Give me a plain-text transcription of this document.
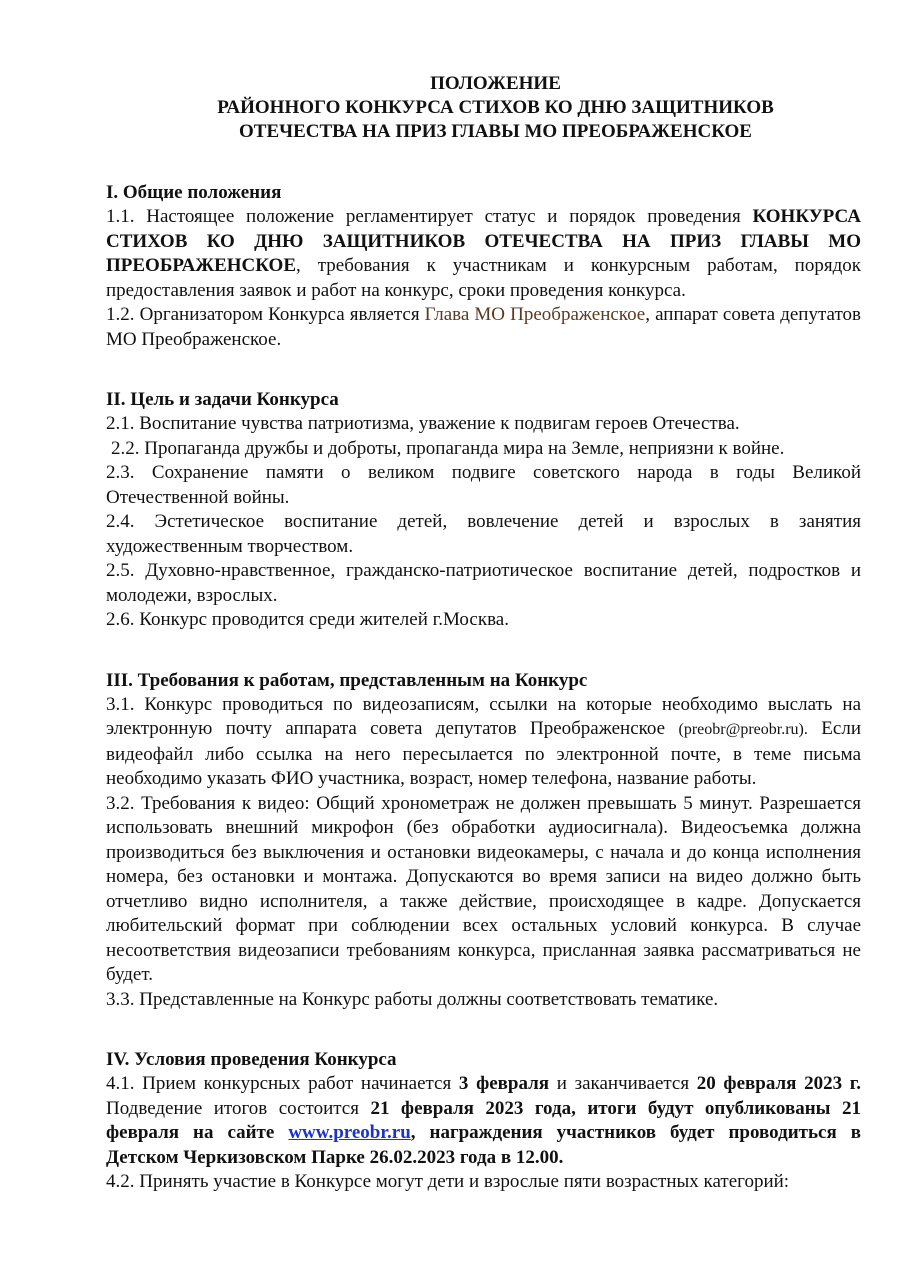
ПОЛОЖЕНИЕ
РАЙОННОГО КОНКУРСА СТИХОВ КО ДНЮ ЗАЩИТНИКОВ
ОТЕЧЕСТВА НА ПРИЗ ГЛАВЫ МО ПРЕОБРАЖЕНСКОЕ
I. Общие положения

1.1. Настоящее положение регламентирует статус и порядок проведения КОНКУРСА СТИХОВ КО ДНЮ ЗАЩИТНИКОВ ОТЕЧЕСТВА НА ПРИЗ ГЛАВЫ МО ПРЕОБРАЖЕНСКОЕ, требования к участникам и конкурсным работам, порядок предоставления заявок и работ на конкурс, сроки проведения конкурса.

1.2. Организатором Конкурса является Глава МО Преображенское, аппарат совета депутатов МО Преображенское.

II. Цель и задачи Конкурса

2.1. Воспитание чувства патриотизма, уважение к подвигам героев Отечества.

2.2. Пропаганда дружбы и доброты, пропаганда мира на Земле, неприязни к войне.

2.3. Сохранение памяти о великом подвиге советского народа в годы Великой Отечественной войны.

2.4. Эстетическое воспитание детей, вовлечение детей и взрослых в занятия художественным творчеством.

2.5. Духовно-нравственное, гражданско-патриотическое воспитание детей, подростков и молодежи, взрослых.

2.6. Конкурс проводится среди жителей г.Москва.

III. Требования к работам, представленным на Конкурс

3.1. Конкурс проводиться по видеозаписям, ссылки на которые необходимо выслать на электронную почту аппарата совета депутатов Преображенское (preobr@preobr.ru). Если видеофайл либо ссылка на него пересылается по электронной почте, в теме письма необходимо указать ФИО участника, возраст, номер телефона, название работы.

3.2. Требования к видео: Общий хронометраж не должен превышать 5 минут. Разрешается использовать внешний микрофон (без обработки аудиосигнала). Видеосъемка должна производиться без выключения и остановки видеокамеры, с начала и до конца исполнения номера, без остановки и монтажа. Допускаются во время записи на видео должно быть отчетливо видно исполнителя, а также действие, происходящее в кадре. Допускается любительский формат при соблюдении всех остальных условий конкурса. В случае несоответствия видеозаписи требованиям конкурса, присланная заявка рассматриваться не будет.

3.3. Представленные на Конкурс работы должны соответствовать тематике.

IV. Условия проведения Конкурса

4.1. Прием конкурсных работ начинается 3 февраля и заканчивается 20 февраля 2023 г. Подведение итогов состоится 21 февраля 2023 года, итоги будут опубликованы 21 февраля на сайте www.preobr.ru, награждения участников будет проводиться в Детском Черкизовском Парке 26.02.2023 года в 12.00.

4.2. Принять участие в Конкурсе могут дети и взрослые пяти возрастных категорий:
